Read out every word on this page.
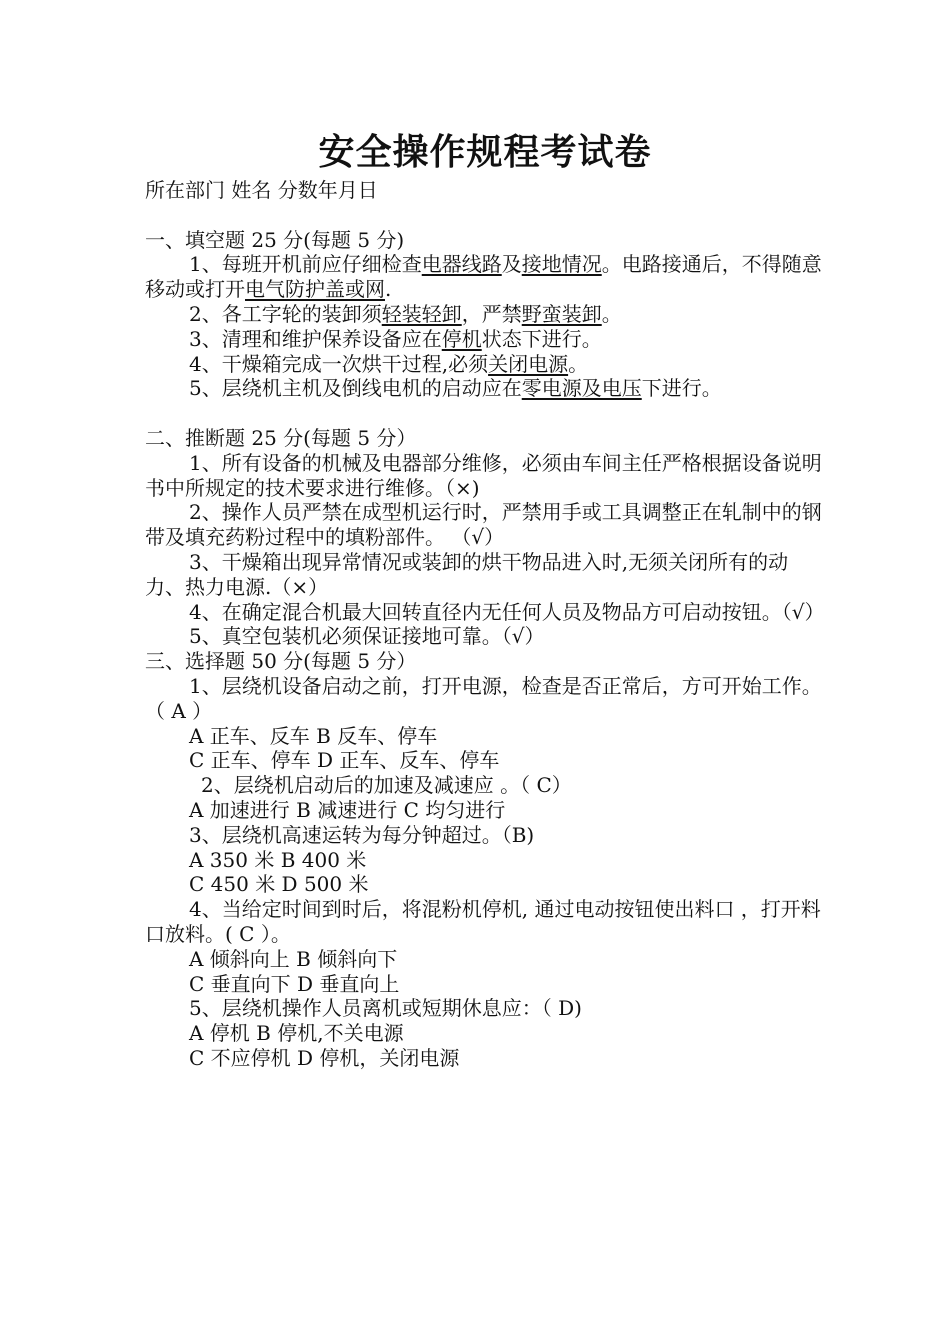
安全操作规程考试卷

所在部门 姓名 分数年月日

一、填空题 25 分(每题 5 分)

1、每班开机前应仔细检查电器线路及接地情况。电路接通后，不得随意移动或打开电气防护盖或网.

2、各工字轮的装卸须轻装轻卸，严禁野蛮装卸。

3、清理和维护保养设备应在停机状态下进行。

4、干燥箱完成一次烘干过程,必须关闭电源。

5、层绕机主机及倒线电机的启动应在零电源及电压下进行。

二、推断题 25 分(每题 5 分）

1、所有设备的机械及电器部分维修，必须由车间主任严格根据设备说明书中所规定的技术要求进行维修。（×)

2、操作人员严禁在成型机运行时，严禁用手或工具调整正在轧制中的钢带及填充药粉过程中的填粉部件。 （√）

3、干燥箱出现异常情况或装卸的烘干物品进入时,无须关闭所有的动力、热力电源.（×）

4、在确定混合机最大回转直径内无任何人员及物品方可启动按钮。（√）

5、真空包装机必须保证接地可靠。（√）

三、选择题 50 分(每题 5 分）

1、层绕机设备启动之前，打开电源，检查是否正常后，方可开始工作。（ A ）

A 正车、反车 B 反车、停车

C 正车、停车 D 正车、反车、停车

2、层绕机启动后的加速及减速应 。（ C）

A 加速进行 B 减速进行 C 均匀进行

3、层绕机高速运转为每分钟超过。（B)

A 350 米 B 400 米

C 450 米 D 500 米

4、当给定时间到时后，将混粉机停机, 通过电动按钮使出料口 ，打开料口放料。( C ）。

A 倾斜向上 B 倾斜向下

C 垂直向下 D 垂直向上

5、层绕机操作人员离机或短期休息应：（ D)

A 停机 B 停机,不关电源

C 不应停机 D 停机，关闭电源
